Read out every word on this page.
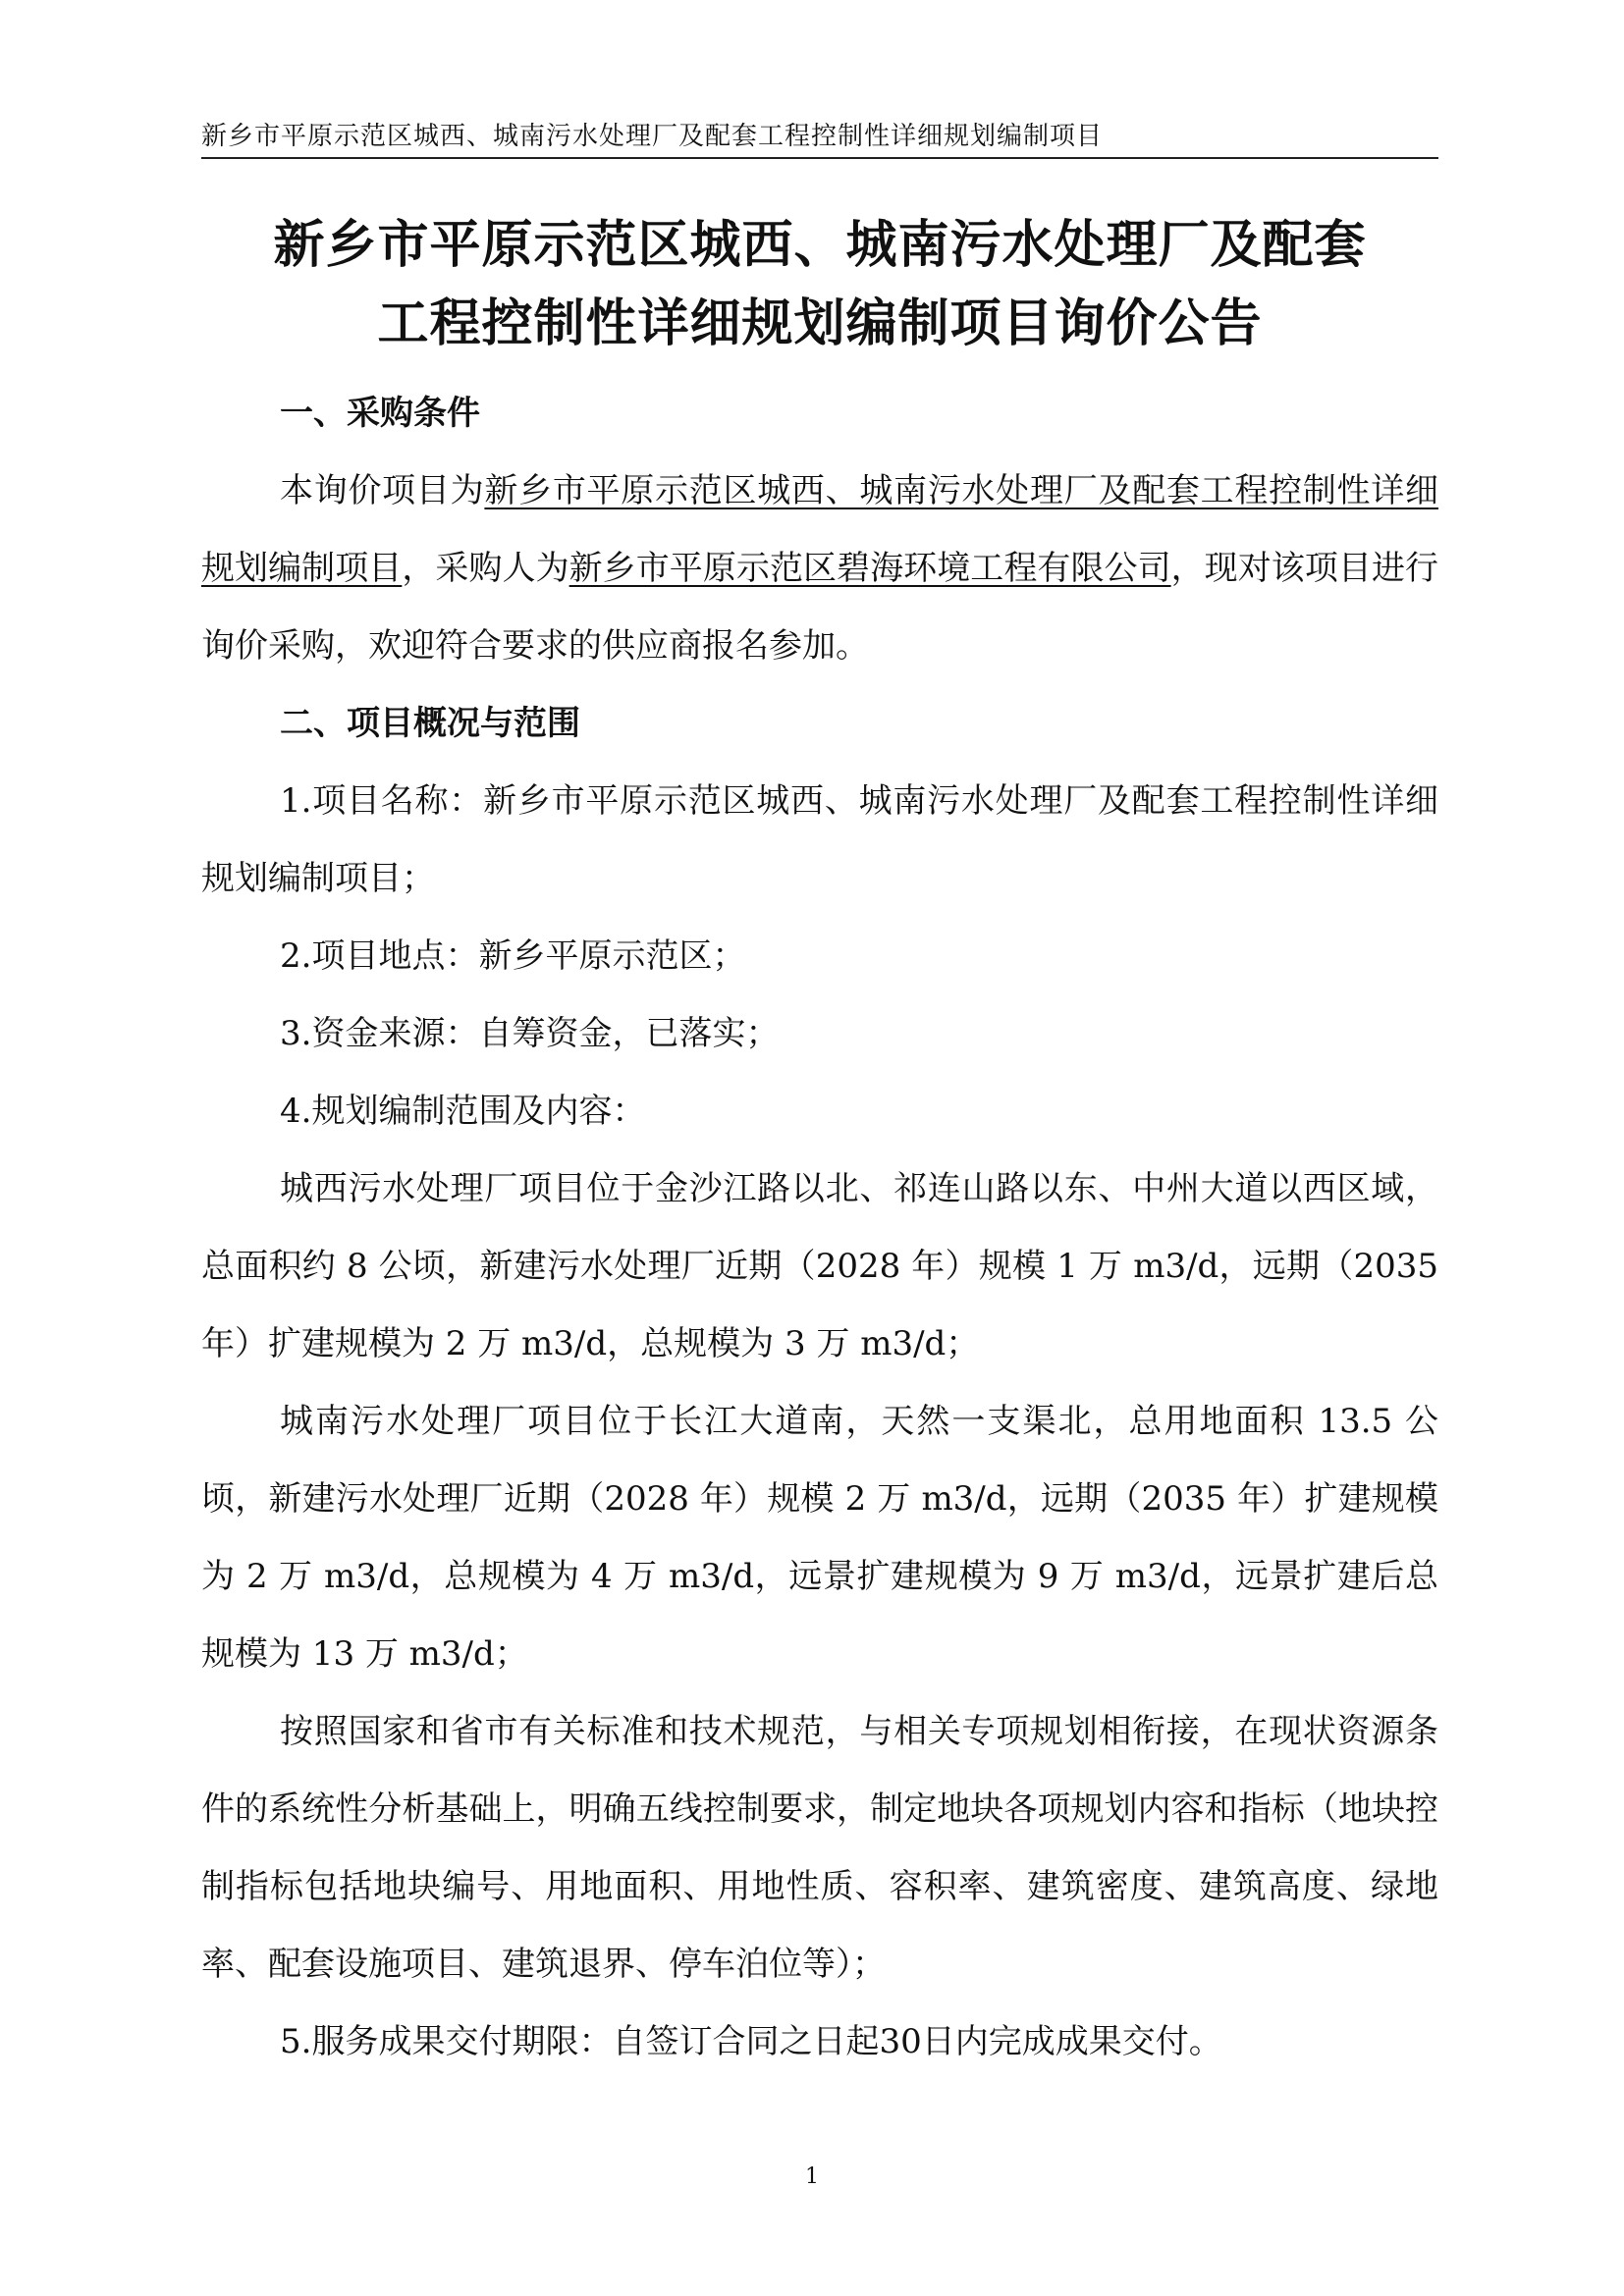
新乡市平原示范区城西、城南污水处理厂及配套工程控制性详细规划编制项目
新乡市平原示范区城西、城南污水处理厂及配套
工程控制性详细规划编制项目询价公告
一、采购条件

本询价项目为新乡市平原示范区城西、城南污水处理厂及配套工程控制性详细规划编制项目，采购人为新乡市平原示范区碧海环境工程有限公司，现对该项目进行询价采购，欢迎符合要求的供应商报名参加。

二、项目概况与范围

1.项目名称：新乡市平原示范区城西、城南污水处理厂及配套工程控制性详细规划编制项目；

2.项目地点：新乡平原示范区；

3.资金来源：自筹资金，已落实；

4.规划编制范围及内容：

城西污水处理厂项目位于金沙江路以北、祁连山路以东、中州大道以西区域，总面积约 8 公顷，新建污水处理厂近期（2028 年）规模 1 万 m3/d，远期（2035 年）扩建规模为 2 万 m3/d，总规模为 3 万 m3/d；

城南污水处理厂项目位于长江大道南，天然一支渠北，总用地面积 13.5 公顷，新建污水处理厂近期（2028 年）规模 2 万 m3/d，远期（2035 年）扩建规模为 2 万 m3/d，总规模为 4 万 m3/d，远景扩建规模为 9 万 m3/d，远景扩建后总规模为 13 万 m3/d；

按照国家和省市有关标准和技术规范，与相关专项规划相衔接，在现状资源条件的系统性分析基础上，明确五线控制要求，制定地块各项规划内容和指标（地块控制指标包括地块编号、用地面积、用地性质、容积率、建筑密度、建筑高度、绿地率、配套设施项目、建筑退界、停车泊位等）；

5.服务成果交付期限：自签订合同之日起30日内完成成果交付。

1
